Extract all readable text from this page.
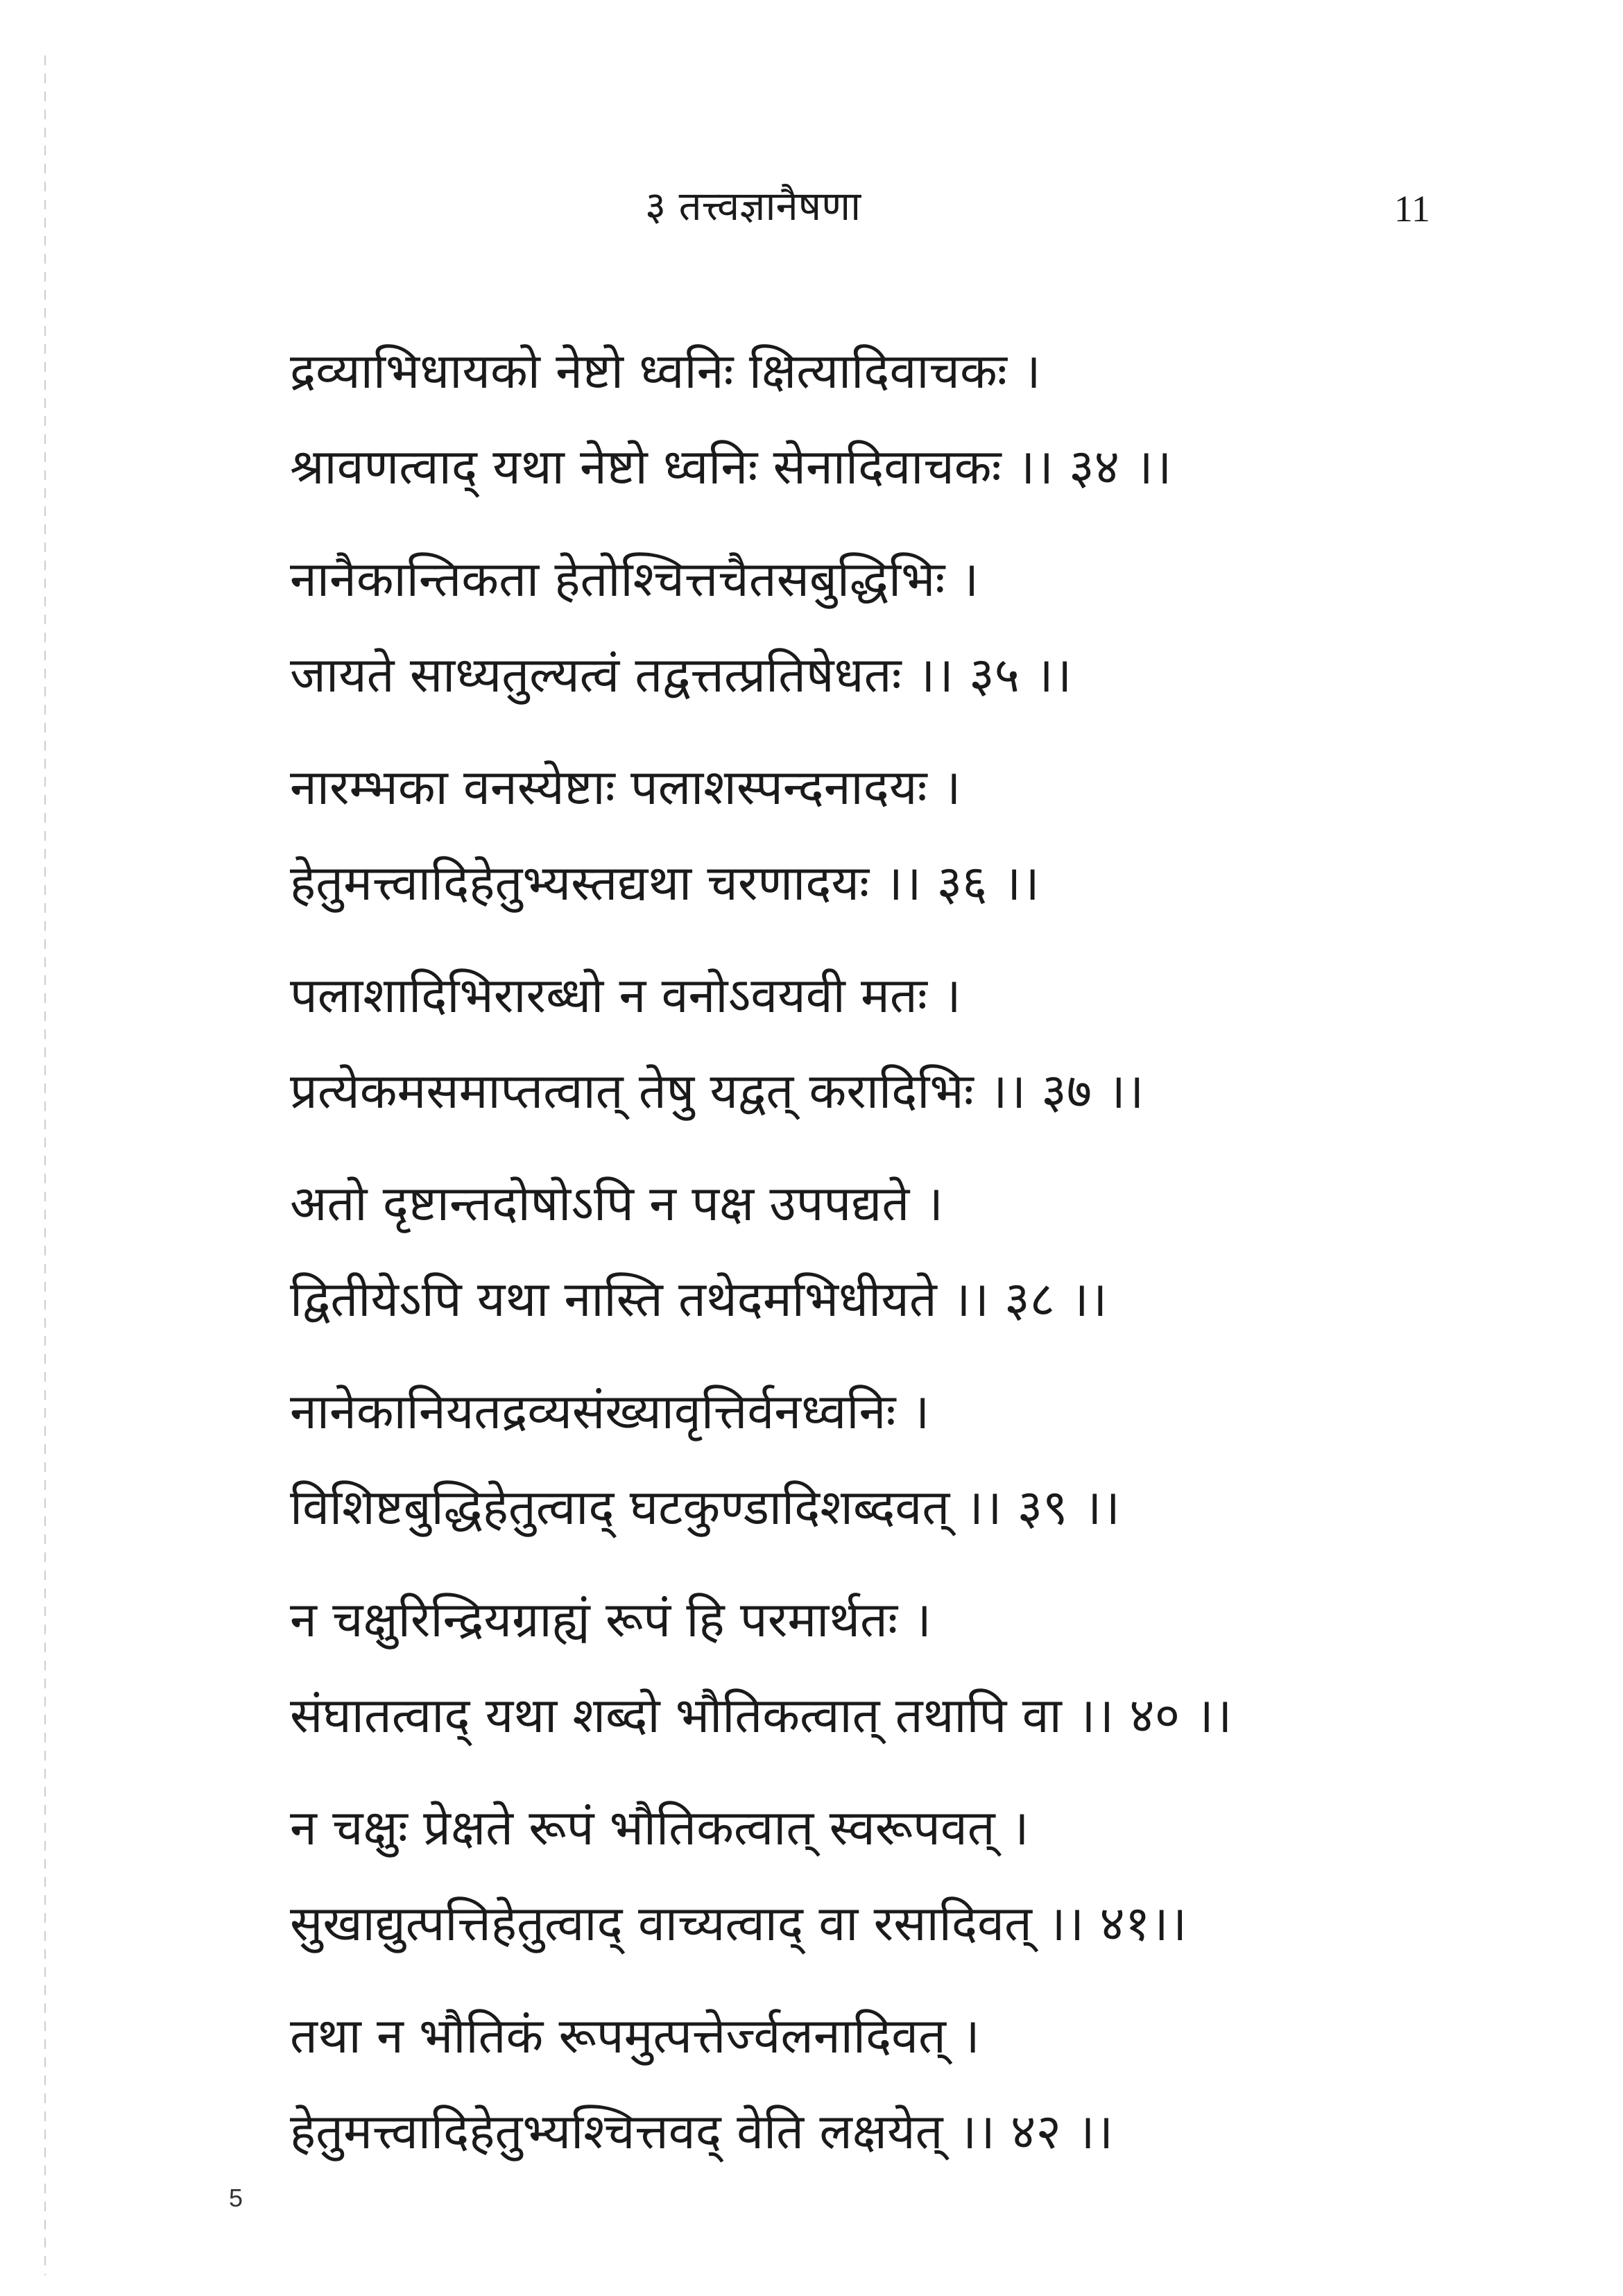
३ तत्त्वज्ञानैषणा	11
द्रव्याभिधायको नेष्टो ध्वनिः क्षित्यादिवाचकः ।
श्रावणत्वाद् यथा नेष्टो ध्वनिः सेनादिवाचकः ।। ३४ ।।
नानैकान्तिकता हेतोश्चित्तचैतसबुद्धिभिः ।
जायते साध्यतुल्यत्वं तद्वत्तत्प्रतिषेधतः ।। ३५ ।।
नारम्भका वनस्येष्टाः पलाशस्पन्दनादयः ।
हेतुमत्त्वादिहेतुभ्यस्तद्यथा चरणादयः ।। ३६ ।।
पलाशादिभिरारब्धो न वनोऽवयवी मतः ।
प्रत्येकमसमाप्तत्वात् तेषु यद्वत् करादिभिः ।। ३७ ।।
अतो दृष्टान्तदोषोऽपि न पक्ष उपपद्यते ।
द्वितीयेऽपि यथा नास्ति तथेदमभिधीयते ।। ३८ ।।
नानेकानियतद्रव्यसंख्यावृत्तिर्वनध्वनिः ।
विशिष्टबुद्धिहेतुत्वाद् घटकुण्डादिशब्दवत् ।। ३९ ।।
न चक्षुरिन्द्रियग्राह्यं रूपं हि परमार्थतः ।
संघातत्वाद् यथा शब्दो भौतिकत्वात् तथापि वा ।। ४० ।।
न चक्षुः प्रेक्षते रूपं भौतिकत्वात् स्वरूपवत् ।
सुखाद्युत्पत्तिहेतुत्वाद् वाच्यत्वाद् वा रसादिवत् ।। ४१।।
तथा न भौतिकं रूपमुत्पत्तेर्ज्वलनादिवत् ।
हेतुमत्त्वादिहेतुभ्यश्चित्तवद् वेति लक्षयेत् ।। ४२ ।।
5
